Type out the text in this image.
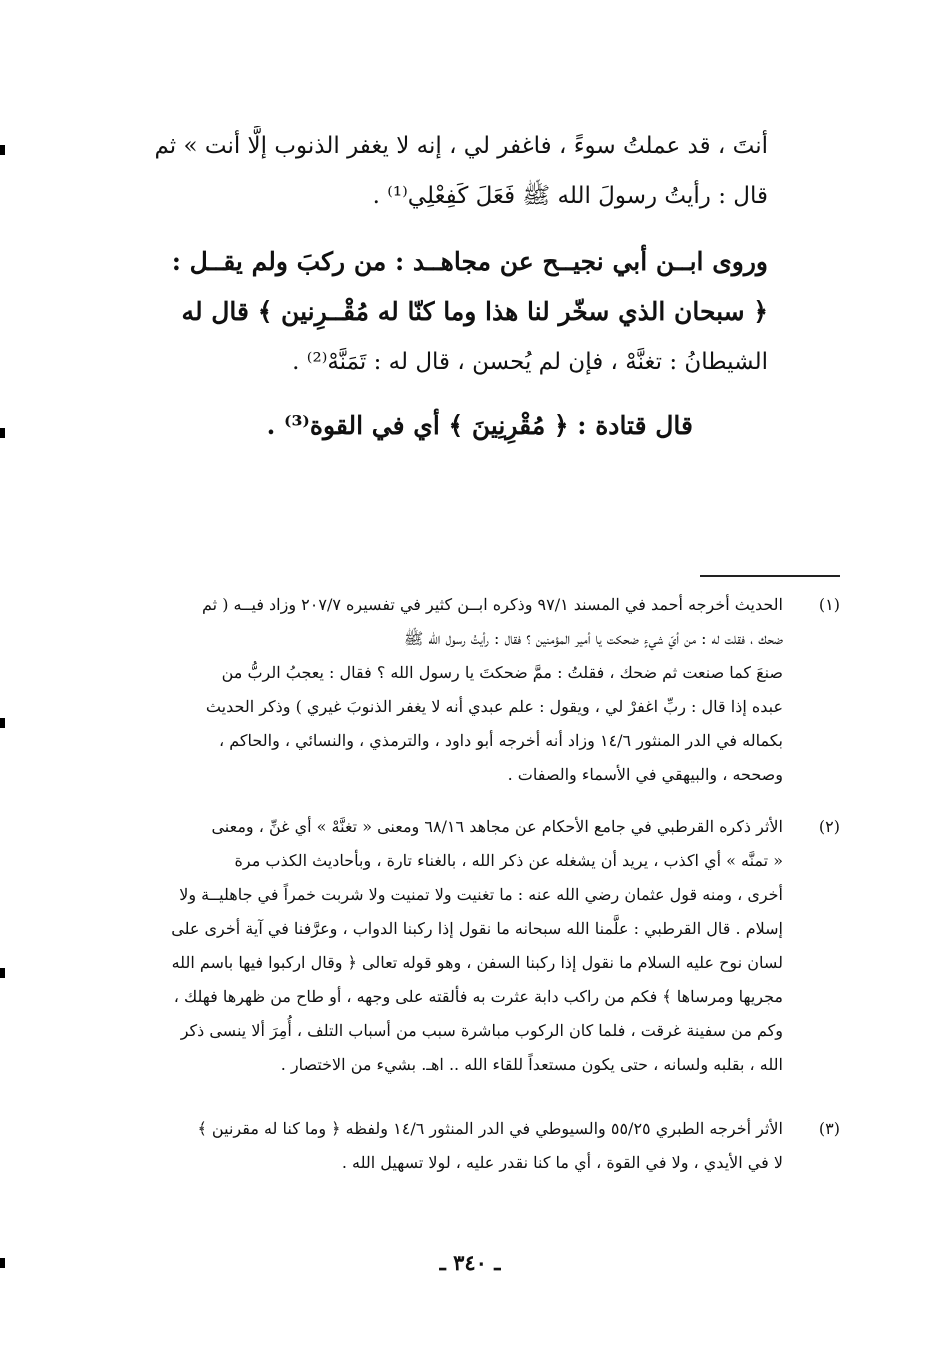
أنتَ ، قد عملتُ سوءً ، فاغفر لي ، إنه لا يغفر الذنوب إلَّا أنت » ثم
قال : رأيتُ رسولَ الله ﷺ فَعَلَ كَفِعْلِي⁽¹⁾ .
وروى ابــن أبي نجيــح عن مجاهــد : من ركبَ ولم يقــل :
﴿ سبحان الذي سخّر لنا هذا وما كنّا له مُقْــرِنين ﴾ قال له
الشيطانُ : تغنَّهْ ، فإن لم يُحسن ، قال له : تَمَنَّهْ⁽²⁾ .
قال قتادة : ﴿ مُقْرِنِينَ ﴾ أي في القوة⁽³⁾ .
(١)
الحديث أخرجه أحمد في المسند ٩٧/١ وذكره ابــن كثير في تفسيره ٢٠٧/٧ وزاد فيــه ( ثم
ضحك ، فقلت له : من أيّ شيءٍ ضحكت يا أمير المؤمنين ؟ فقال : رأيتُ رسول الله ﷺ
صنعَ كما صنعت ثم ضحك ، فقلتُ : ممَّ ضحكتَ يا رسول الله ؟ فقال : يعجبُ الربُّ من
عبده إذا قال : ربِّ اغفرْ لي ، ويقول : علم عبدي أنه لا يغفر الذنوبَ غيري ) وذكر الحديث
بكماله في الدر المنثور ١٤/٦ وزاد أنه أخرجه أبو داود ، والترمذي ، والنسائي ، والحاكم ،
وصححه ، والبيهقي في الأسماء والصفات .
(٢)
الأثر ذكره القرطبي في جامع الأحكام عن مجاهد ٦٨/١٦ ومعنى « تغنَّهْ » أي غنِّ ، ومعنى
« تمنَّه » أي اكذب ، يريد أن يشغله عن ذكر الله ، بالغناء تارة ، وبأحاديث الكذب مرة
أخرى ، ومنه قول عثمان رضي الله عنه : ما تغنيت ولا تمنيت ولا شربت خمراً في جاهليــة ولا
إسلام . قال القرطبي : علَّمنا الله سبحانه ما نقول إذا ركبنا الدواب ، وعرَّفنا في آية أخرى على
لسان نوح عليه السلام ما نقول إذا ركبنا السفن ، وهو قوله تعالى ﴿ وقال اركبوا فيها باسم الله
مجريها ومرساها ﴾ فكم من راكب دابة عثرت به فألقته على وجهه ، أو طاح من ظهرها فهلك ،
وكم من سفينة غرقت ، فلما كان الركوب مباشرة سبب من أسباب التلف ، أُمِرَ ألا ينسى ذكر
الله ، بقلبه ولسانه ، حتى يكون مستعداً للقاء الله .. اهـ. بشيء من الاختصار .
(٣)
الأثر أخرجه الطبري ٥٥/٢٥ والسيوطي في الدر المنثور ١٤/٦ ولفظه ﴿ وما كنا له مقرنين ﴾
لا في الأيدي ، ولا في القوة ، أي ما كنا نقدر عليه ، لولا تسهيل الله .
ـ ٣٤٠ ـ
